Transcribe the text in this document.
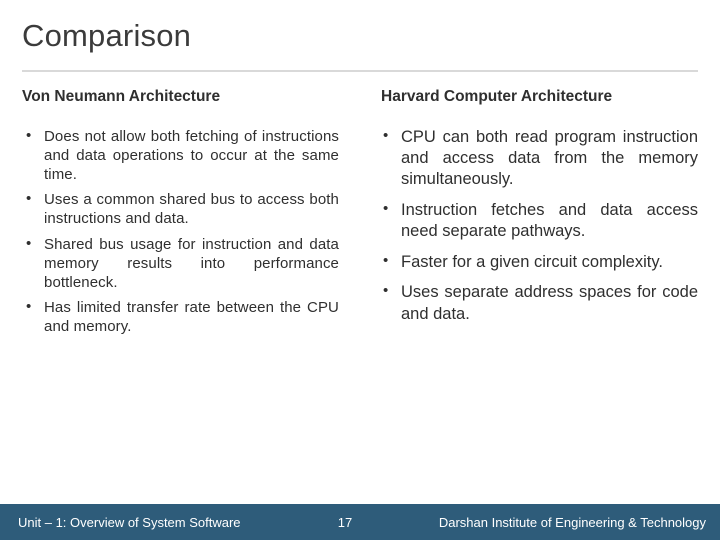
Comparison
Von Neumann Architecture
• Does not allow both fetching of instructions and data operations to occur at the same time.
• Uses a common shared bus to access both instructions and data.
• Shared bus usage for instruction and data memory results into performance bottleneck.
• Has limited transfer rate between the CPU and memory.
Harvard Computer Architecture
• CPU can both read program instruction and access data from the memory simultaneously.
• Instruction fetches and data access need separate pathways.
• Faster for a given circuit complexity.
• Uses separate address spaces for code and data.
Unit – 1: Overview of System Software	17	Darshan Institute of Engineering & Technology
